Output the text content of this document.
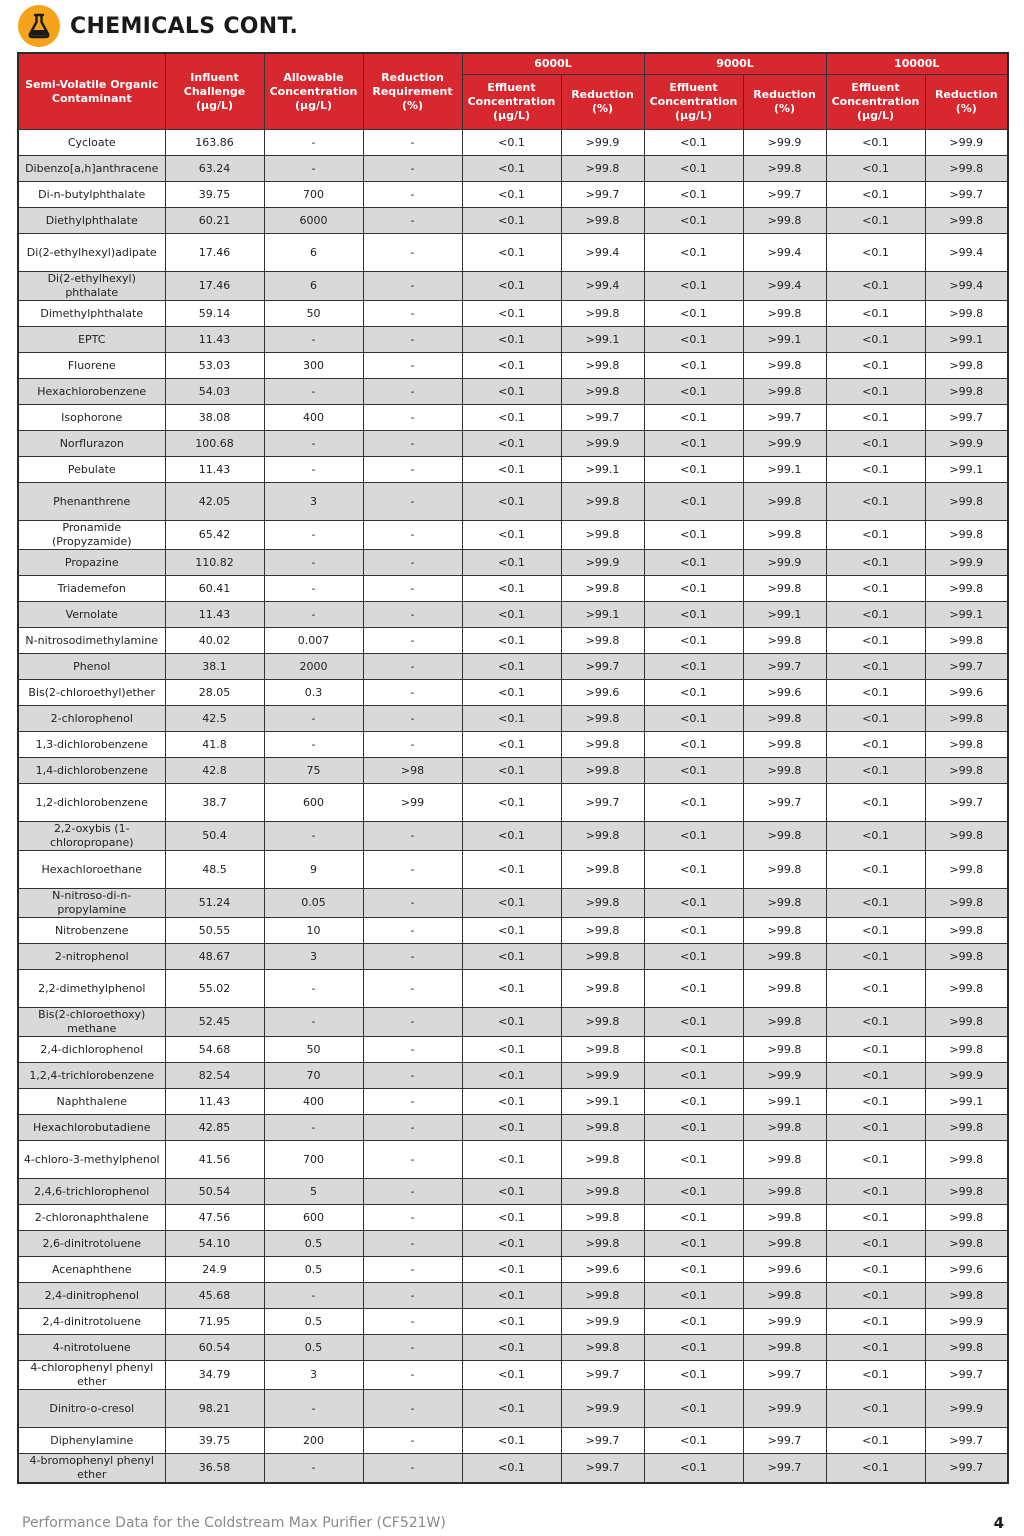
CHEMICALS CONT.
Semi-Volatile Organic Contaminant	Influent Challenge (µg/L)	Allowable Concentration (µg/L)	Reduction Requirement (%)	6000L		9000L		10000L	
				Effluent Concentration (µg/L)	Reduction (%)	Effluent Concentration (µg/L)	Reduction (%)	Effluent Concentration (µg/L)	Reduction (%)
Cycloate	163.86	-	-	<0.1	>99.9	<0.1	>99.9	<0.1	>99.9
Dibenzo[a,h]anthracene	63.24	-	-	<0.1	>99.8	<0.1	>99.8	<0.1	>99.8
Di-n-butylphthalate	39.75	700	-	<0.1	>99.7	<0.1	>99.7	<0.1	>99.7
Diethylphthalate	60.21	6000	-	<0.1	>99.8	<0.1	>99.8	<0.1	>99.8
Di(2-ethylhexyl)adipate	17.46	6	-	<0.1	>99.4	<0.1	>99.4	<0.1	>99.4
Di(2-ethylhexyl) phthalate	17.46	6	-	<0.1	>99.4	<0.1	>99.4	<0.1	>99.4
Dimethylphthalate	59.14	50	-	<0.1	>99.8	<0.1	>99.8	<0.1	>99.8
EPTC	11.43	-	-	<0.1	>99.1	<0.1	>99.1	<0.1	>99.1
Fluorene	53.03	300	-	<0.1	>99.8	<0.1	>99.8	<0.1	>99.8
Hexachlorobenzene	54.03	-	-	<0.1	>99.8	<0.1	>99.8	<0.1	>99.8
Isophorone	38.08	400	-	<0.1	>99.7	<0.1	>99.7	<0.1	>99.7
Norflurazon	100.68	-	-	<0.1	>99.9	<0.1	>99.9	<0.1	>99.9
Pebulate	11.43	-	-	<0.1	>99.1	<0.1	>99.1	<0.1	>99.1
Phenanthrene	42.05	3	-	<0.1	>99.8	<0.1	>99.8	<0.1	>99.8
Pronamide (Propyzamide)	65.42	-	-	<0.1	>99.8	<0.1	>99.8	<0.1	>99.8
Propazine	110.82	-	-	<0.1	>99.9	<0.1	>99.9	<0.1	>99.9
Triademefon	60.41	-	-	<0.1	>99.8	<0.1	>99.8	<0.1	>99.8
Vernolate	11.43	-	-	<0.1	>99.1	<0.1	>99.1	<0.1	>99.1
N-nitrosodimethylamine	40.02	0.007	-	<0.1	>99.8	<0.1	>99.8	<0.1	>99.8
Phenol	38.1	2000	-	<0.1	>99.7	<0.1	>99.7	<0.1	>99.7
Bis(2-chloroethyl)ether	28.05	0.3	-	<0.1	>99.6	<0.1	>99.6	<0.1	>99.6
2-chlorophenol	42.5	-	-	<0.1	>99.8	<0.1	>99.8	<0.1	>99.8
1,3-dichlorobenzene	41.8	-	-	<0.1	>99.8	<0.1	>99.8	<0.1	>99.8
1,4-dichlorobenzene	42.8	75	>98	<0.1	>99.8	<0.1	>99.8	<0.1	>99.8
1,2-dichlorobenzene	38.7	600	>99	<0.1	>99.7	<0.1	>99.7	<0.1	>99.7
2,2-oxybis (1-chloropropane)	50.4	-	-	<0.1	>99.8	<0.1	>99.8	<0.1	>99.8
Hexachloroethane	48.5	9	-	<0.1	>99.8	<0.1	>99.8	<0.1	>99.8
N-nitroso-di-n-propylamine	51.24	0.05	-	<0.1	>99.8	<0.1	>99.8	<0.1	>99.8
Nitrobenzene	50.55	10	-	<0.1	>99.8	<0.1	>99.8	<0.1	>99.8
2-nitrophenol	48.67	3	-	<0.1	>99.8	<0.1	>99.8	<0.1	>99.8
2,2-dimethylphenol	55.02	-	-	<0.1	>99.8	<0.1	>99.8	<0.1	>99.8
Bis(2-chloroethoxy) methane	52.45	-	-	<0.1	>99.8	<0.1	>99.8	<0.1	>99.8
2,4-dichlorophenol	54.68	50	-	<0.1	>99.8	<0.1	>99.8	<0.1	>99.8
1,2,4-trichlorobenzene	82.54	70	-	<0.1	>99.9	<0.1	>99.9	<0.1	>99.9
Naphthalene	11.43	400	-	<0.1	>99.1	<0.1	>99.1	<0.1	>99.1
Hexachlorobutadiene	42.85	-	-	<0.1	>99.8	<0.1	>99.8	<0.1	>99.8
4-chloro-3-methylphenol	41.56	700	-	<0.1	>99.8	<0.1	>99.8	<0.1	>99.8
2,4,6-trichlorophenol	50.54	5	-	<0.1	>99.8	<0.1	>99.8	<0.1	>99.8
2-chloronaphthalene	47.56	600	-	<0.1	>99.8	<0.1	>99.8	<0.1	>99.8
2,6-dinitrotoluene	54.10	0.5	-	<0.1	>99.8	<0.1	>99.8	<0.1	>99.8
Acenaphthene	24.9	0.5	-	<0.1	>99.6	<0.1	>99.6	<0.1	>99.6
2,4-dinitrophenol	45.68	-	-	<0.1	>99.8	<0.1	>99.8	<0.1	>99.8
2,4-dinitrotoluene	71.95	0.5	-	<0.1	>99.9	<0.1	>99.9	<0.1	>99.9
4-nitrotoluene	60.54	0.5	-	<0.1	>99.8	<0.1	>99.8	<0.1	>99.8
4-chlorophenyl phenyl ether	34.79	3	-	<0.1	>99.7	<0.1	>99.7	<0.1	>99.7
Dinitro-o-cresol	98.21	-	-	<0.1	>99.9	<0.1	>99.9	<0.1	>99.9
Diphenylamine	39.75	200	-	<0.1	>99.7	<0.1	>99.7	<0.1	>99.7
4-bromophenyl phenyl ether	36.58	-	-	<0.1	>99.7	<0.1	>99.7	<0.1	>99.7
Performance Data for the Coldstream Max Purifier (CF521W)	4
